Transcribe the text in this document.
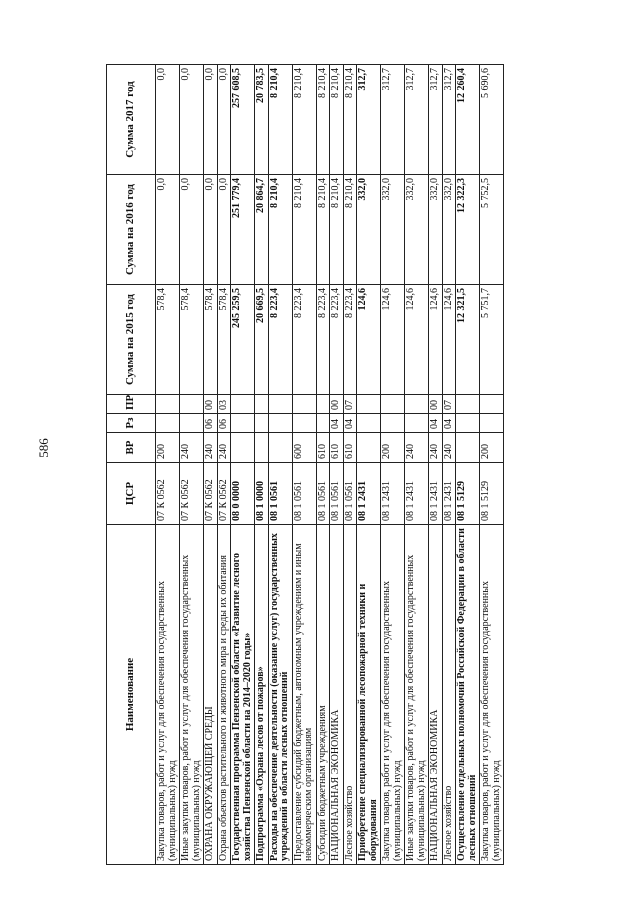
586
Наименование	ЦСР	ВР	Рз	ПР	Сумма на 2015 год	Сумма на 2016 год	Сумма 2017 год
Закупка товаров, работ и услуг для обеспечения государственных (муниципальных) нужд	07 К 0562	200			578,4	0,0	0,0
Иные закупки товаров, работ и услуг для обеспечения государственных (муниципальных) нужд	07 К 0562	240			578,4	0,0	0,0
ОХРАНА ОКРУЖАЮЩЕЙ СРЕДЫ	07 К 0562	240	06	00	578,4	0,0	0,0
Охрана объектов растительного и животного мира и среды их обитания	07 К 0562	240	06	03	578,4	0,0	0,0
Государственная программа Пензенской области «Развитие лесного хозяйства Пензенской области на 2014–2020 годы»	08 0 0000				245 259,5	251 779,4	257 608,5
Подпрограмма «Охрана лесов от пожаров»	08 1 0000				20 669,5	20 864,7	20 783,5
Расходы на обеспечение деятельности (оказание услуг) государственных учреждений в области лесных отношений	08 1 0561				8 223,4	8 210,4	8 210,4
Предоставление субсидий бюджетным, автономным учреждениям и иным некоммерческим организациям	08 1 0561	600			8 223,4	8 210,4	8 210,4
Субсидии бюджетным учреждениям	08 1 0561	610			8 223,4	8 210,4	8 210,4
НАЦИОНАЛЬНАЯ ЭКОНОМИКА	08 1 0561	610	04	00	8 223,4	8 210,4	8 210,4
Лесное хозяйство	08 1 0561	610	04	07	8 223,4	8 210,4	8 210,4
Приобретение специализированной лесопожарной техники и оборудования	08 1 2431				124,6	332,0	312,7
Закупка товаров, работ и услуг для обеспечения государственных (муниципальных) нужд	08 1 2431	200			124,6	332,0	312,7
Иные закупки товаров, работ и услуг для обеспечения государственных (муниципальных) нужд	08 1 2431	240			124,6	332,0	312,7
НАЦИОНАЛЬНАЯ ЭКОНОМИКА	08 1 2431	240	04	00	124,6	332,0	312,7
Лесное хозяйство	08 1 2431	240	04	07	124,6	332,0	312,7
Осуществление отдельных полномочий Российской Федерации в области лесных отношений	08 1 5129				12 321,5	12 322,3	12 260,4
Закупка товаров, работ и услуг для обеспечения государственных (муниципальных) нужд	08 1 5129	200			5 751,7	5 752,5	5 690,6
